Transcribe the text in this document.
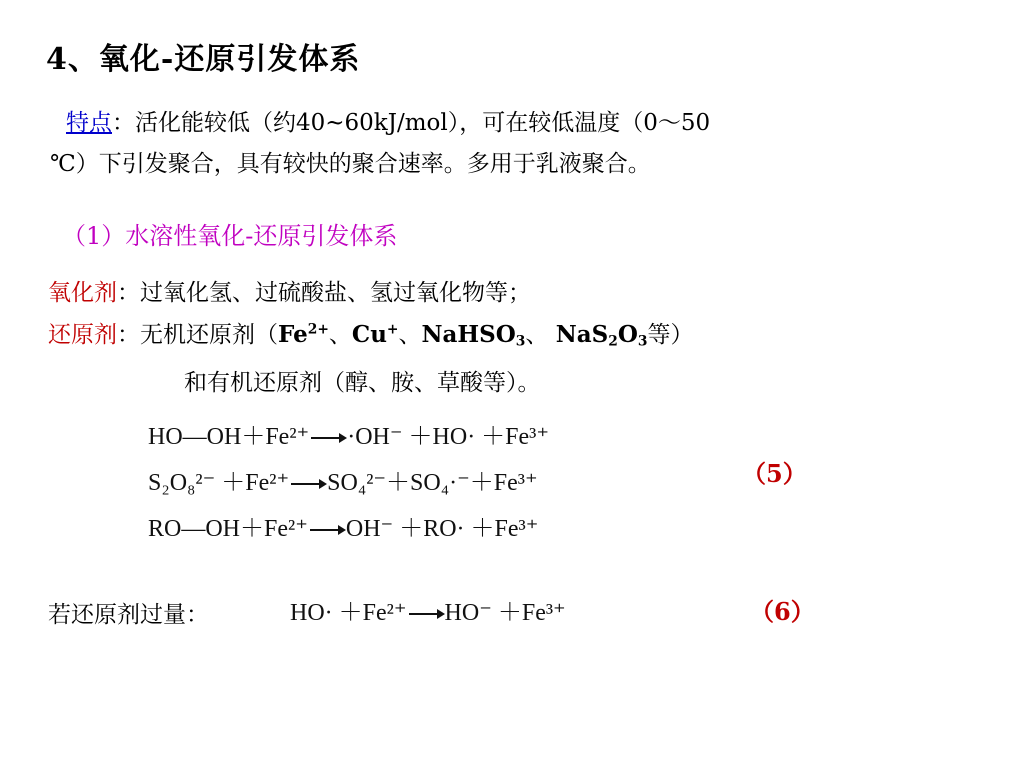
4、氧化-还原引发体系
特点：活化能较低（约40~60kJ/mol），可在较低温度（0～50
℃）下引发聚合，具有较快的聚合速率。多用于乳液聚合。
（1）水溶性氧化-还原引发体系
氧化剂：过氧化氢、过硫酸盐、氢过氧化物等；
还原剂：无机还原剂（$Fe^{2+}$、Cu+、NaHSO$_3$、 $NaS_2O_3$等）
和有机还原剂（醇、胺、草酸等）。
HO—OH＋Fe²⁺ ·OH⁻ ＋HO· ＋Fe³⁺
S₂O₈²⁻ ＋Fe²⁺ SO₄²⁻＋SO₄·⁻＋Fe³⁺
RO—OH＋Fe²⁺ OH⁻ ＋RO· ＋Fe³⁺
（5）
若还原剂过量：	HO· ＋Fe²⁺ HO⁻ ＋Fe³⁺	（6）
